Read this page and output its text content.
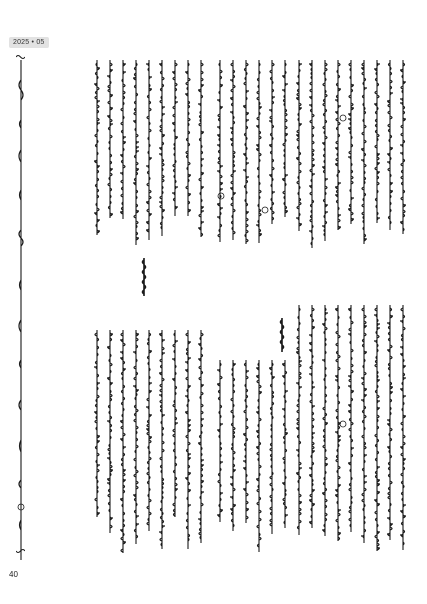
2025 • 05
40
